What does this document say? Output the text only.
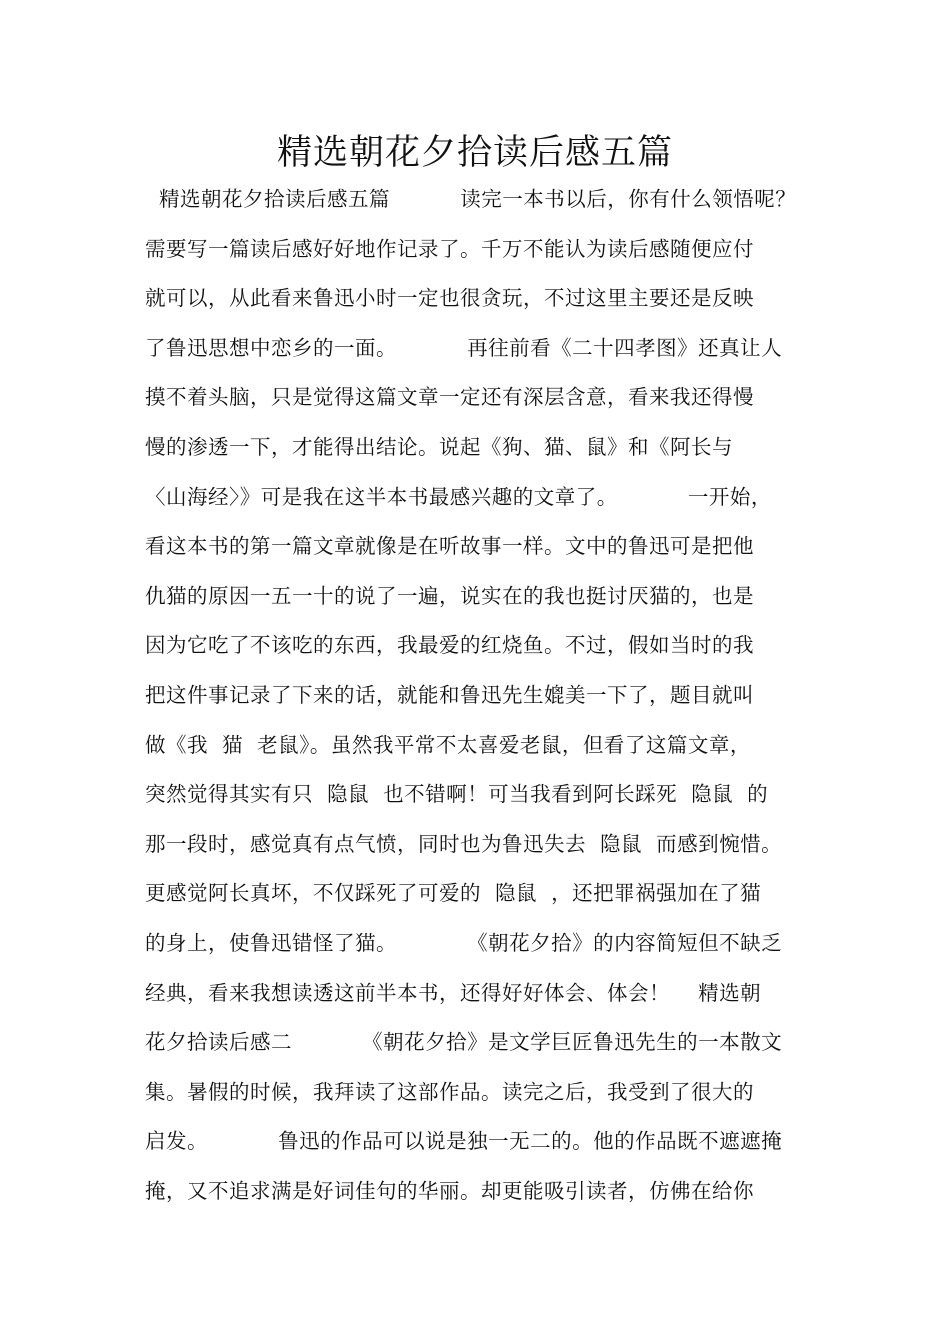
精选朝花夕拾读后感五篇
精选朝花夕拾读后感五篇          读完一本书以后，你有什么领悟呢？
需要写一篇读后感好好地作记录了。千万不能认为读后感随便应付
就可以，从此看来鲁迅小时一定也很贪玩，不过这里主要还是反映
了鲁迅思想中恋乡的一面。          再往前看《二十四孝图》还真让人
摸不着头脑，只是觉得这篇文章一定还有深层含意，看来我还得慢
慢的渗透一下，才能得出结论。说起《狗、猫、鼠》和《阿长与
〈山海经〉》可是我在这半本书最感兴趣的文章了。          一开始，
看这本书的第一篇文章就像是在听故事一样。文中的鲁迅可是把他
仇猫的原因一五一十的说了一遍，说实在的我也挺讨厌猫的，也是
因为它吃了不该吃的东西，我最爱的红烧鱼。不过，假如当时的我
把这件事记录了下来的话，就能和鲁迅先生媲美一下了，题目就叫
做《我  猫  老鼠》。虽然我平常不太喜爱老鼠，但看了这篇文章，
突然觉得其实有只  隐鼠  也不错啊！可当我看到阿长踩死  隐鼠  的
那一段时，感觉真有点气愤，同时也为鲁迅失去  隐鼠  而感到惋惜。
更感觉阿长真坏，不仅踩死了可爱的  隐鼠  ，还把罪祸强加在了猫
的身上，使鲁迅错怪了猫。          《朝花夕拾》的内容简短但不缺乏
经典，看来我想读透这前半本书，还得好好体会、体会！    精选朝
花夕拾读后感二          《朝花夕拾》是文学巨匠鲁迅先生的一本散文
集。暑假的时候，我拜读了这部作品。读完之后，我受到了很大的
启发。          鲁迅的作品可以说是独一无二的。他的作品既不遮遮掩
掩，又不追求满是好词佳句的华丽。却更能吸引读者，仿佛在给你
